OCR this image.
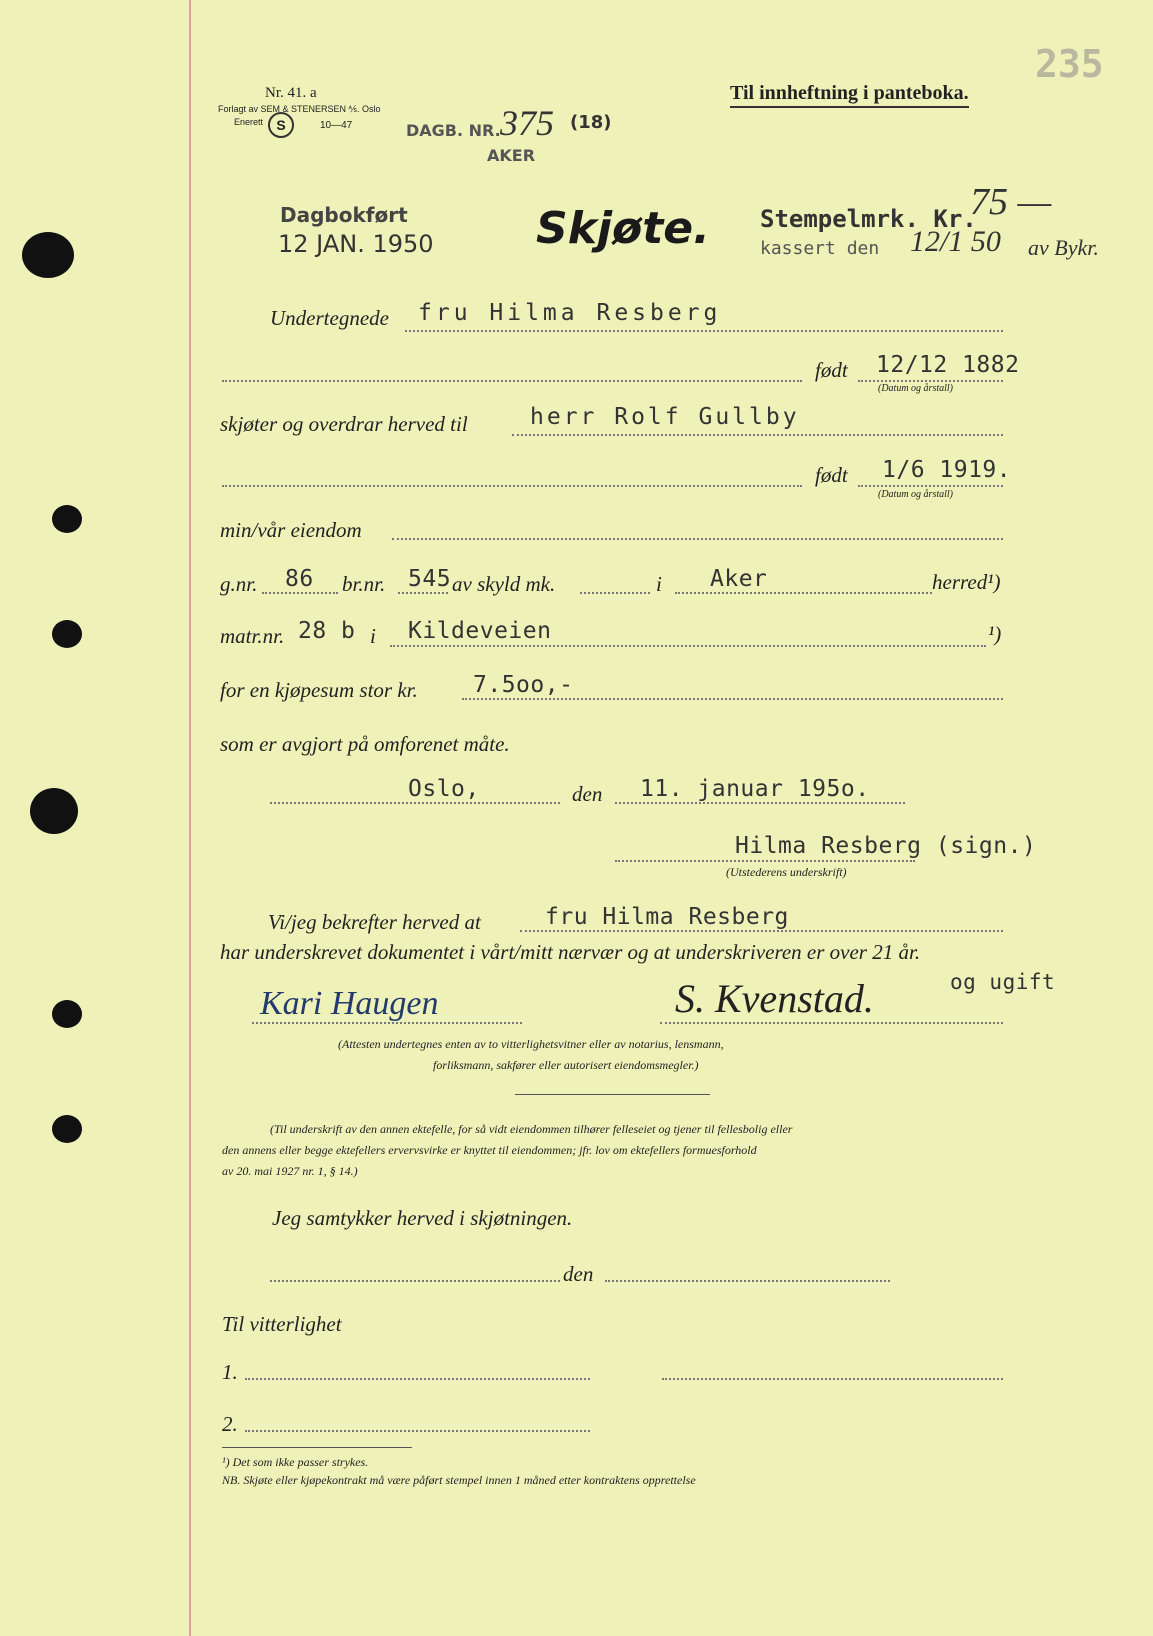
235
Nr. 41. a
Forlagt av SEM & STENERSEN ⅍. Oslo
Enerett S	10—47
Til innheftning i panteboka.
DAGB. NR. 375 (18)
AKER
Dagbokført
12 JAN. 1950 Skjøte. Stempelmrk. Kr.
75 —
kassert den 12/1 50 av Bykr.
Undertegnede fru Hilma Resberg
født 12/12 1882
(Datum og årstall)
skjøter og overdrar herved til	herr Rolf Gullby
født 1/6 1919.
(Datum og årstall)
min/vår eiendom
g.nr. 86 br.nr. 545 av skyld mk.	i Aker	herred¹)
matr.nr. 28 b i Kildeveien	¹)
for en kjøpesum stor kr. 7.5oo,-
som er avgjort på omforenet måte.
Oslo,	den 11. januar 195o.
Hilma Resberg (sign.)
(Utstederens underskrift)
Vi/jeg bekrefter herved at	fru Hilma Resberg
har underskrevet dokumentet i vårt/mitt nærvær og at underskriveren er over 21 år.
og ugift
Kari Haugen	S. Kvenstad.
(Attesten undertegnes enten av to vitterlighetsvitner eller av notarius, lensmann,
forliksmann, sakfører eller autorisert eiendomsmegler.)
(Til underskrift av den annen ektefelle, for så vidt eiendommen tilhører felleseiet og tjener til fellesbolig eller
den annens eller begge ektefellers ervervsvirke er knyttet til eiendommen; jfr. lov om ektefellers formuesforhold
av 20. mai 1927 nr. 1, § 14.)
Jeg samtykker herved i skjøtningen.
den
Til vitterlighet
1.
2.
¹) Det som ikke passer strykes.
NB. Skjøte eller kjøpekontrakt må være påført stempel innen 1 måned etter kontraktens opprettelse
